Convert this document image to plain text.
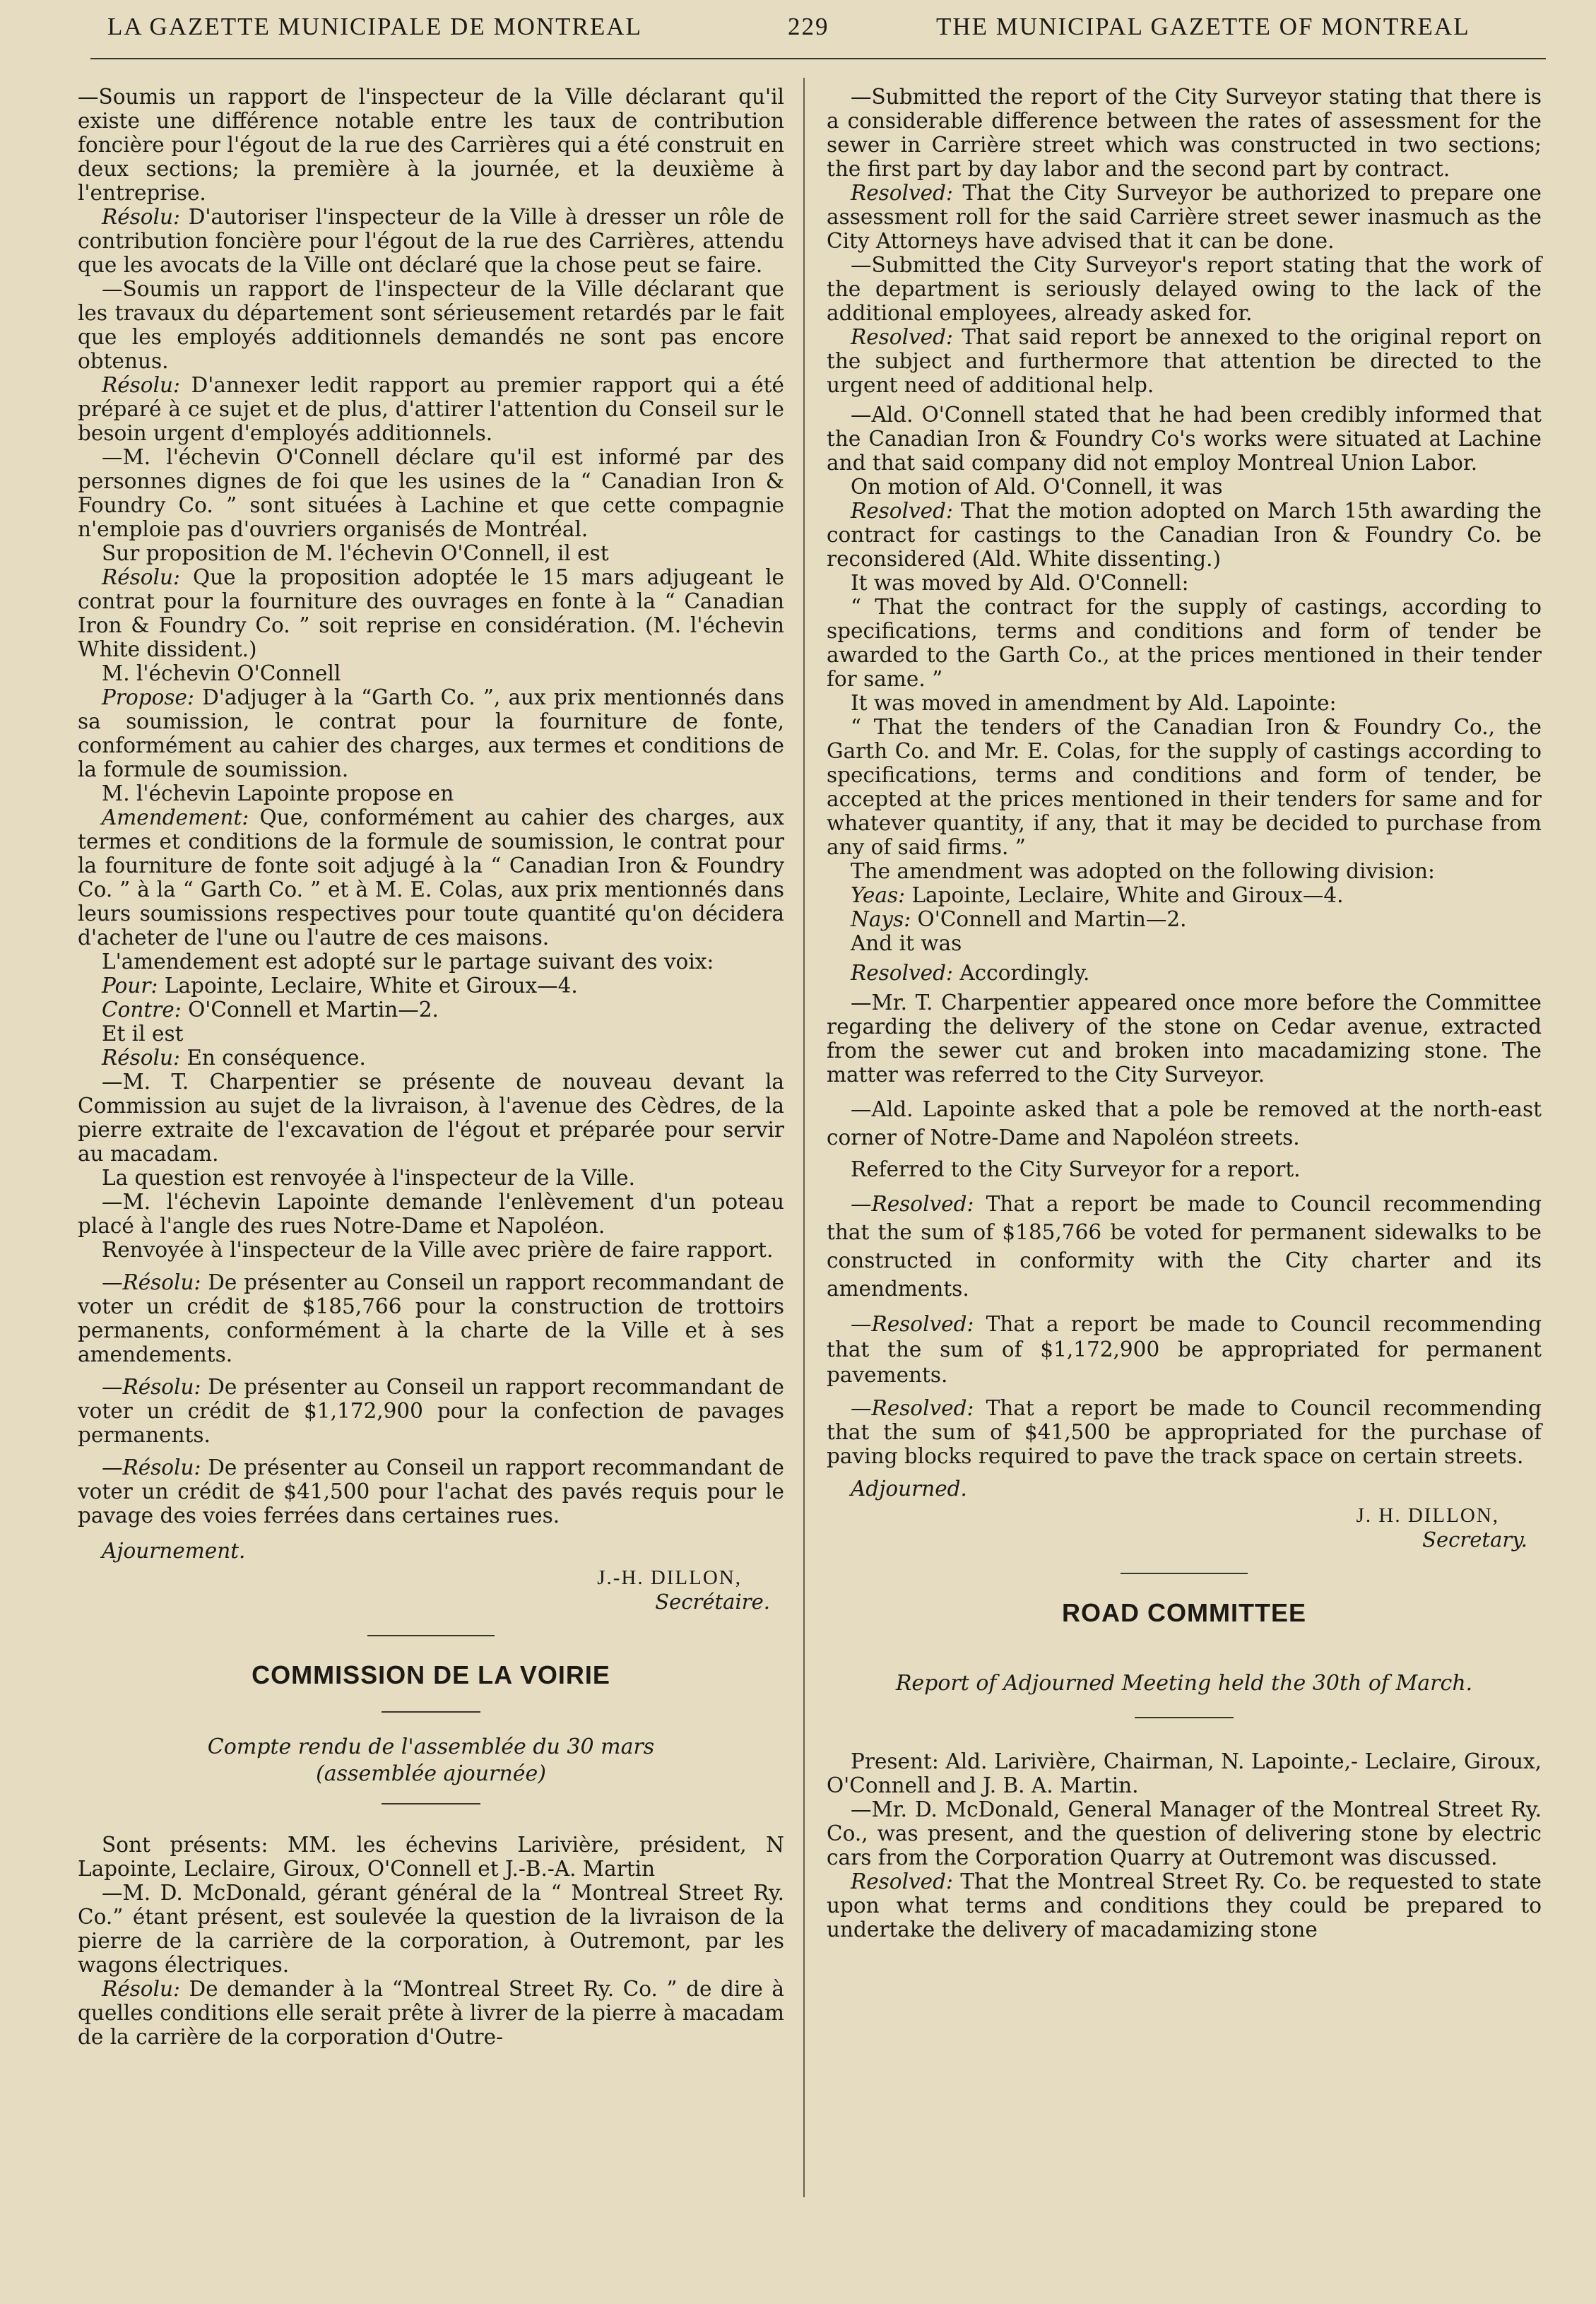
LA GAZETTE MUNICIPALE DE MONTREAL	229	THE MUNICIPAL GAZETTE OF MONTREAL

—Soumis un rapport de l'inspecteur de la Ville déclarant qu'il existe une différence notable entre les taux de contribution foncière pour l'égout de la rue des Carrières qui a été construit en deux sections; la première à la journée, et la deuxième à l'entreprise.

Résolu: D'autoriser l'inspecteur de la Ville à dresser un rôle de contribution foncière pour l'égout de la rue des Carrières, attendu que les avocats de la Ville ont déclaré que la chose peut se faire.

—Soumis un rapport de l'inspecteur de la Ville déclarant que les travaux du département sont sérieusement retardés par le fait que les employés additionnels demandés ne sont pas encore obtenus.

Résolu: D'annexer ledit rapport au premier rapport qui a été préparé à ce sujet et de plus, d'attirer l'attention du Conseil sur le besoin urgent d'employés additionnels.

—M. l'échevin O'Connell déclare qu'il est informé par des personnes dignes de foi que les usines de la “ Canadian Iron & Foundry Co. ” sont situées à Lachine et que cette compagnie n'emploie pas d'ouvriers organisés de Montréal.

Sur proposition de M. l'échevin O'Connell, il est

Résolu: Que la proposition adoptée le 15 mars adjugeant le contrat pour la fourniture des ouvrages en fonte à la “ Canadian Iron & Foundry Co. ” soit reprise en considération. (M. l'échevin White dissident.)

M. l'échevin O'Connell

Propose: D'adjuger à la “Garth Co. ”, aux prix mentionnés dans sa soumission, le contrat pour la fourniture de fonte, conformément au cahier des charges, aux termes et conditions de la formule de soumission.

M. l'échevin Lapointe propose en

Amendement: Que, conformément au cahier des charges, aux termes et conditions de la formule de soumission, le contrat pour la fourniture de fonte soit adjugé à la “ Canadian Iron & Foundry Co. ” à la “ Garth Co. ” et à M. E. Colas, aux prix mentionnés dans leurs soumissions respectives pour toute quantité qu'on décidera d'acheter de l'une ou l'autre de ces maisons.

L'amendement est adopté sur le partage suivant des voix:

Pour: Lapointe, Leclaire, White et Giroux—4.

Contre: O'Connell et Martin—2.

Et il est

Résolu: En conséquence.

—M. T. Charpentier se présente de nouveau devant la Commission au sujet de la livraison, à l'avenue des Cèdres, de la pierre extraite de l'excavation de l'égout et préparée pour servir au macadam.

La question est renvoyée à l'inspecteur de la Ville.

—M. l'échevin Lapointe demande l'enlèvement d'un poteau placé à l'angle des rues Notre-Dame et Napoléon.

Renvoyée à l'inspecteur de la Ville avec prière de faire rapport.

—Résolu: De présenter au Conseil un rapport recommandant de voter un crédit de $185,766 pour la construction de trottoirs permanents, conformément à la charte de la Ville et à ses amendements.

—Résolu: De présenter au Conseil un rapport recommandant de voter un crédit de $1,172,900 pour la confection de pavages permanents.

—Résolu: De présenter au Conseil un rapport recommandant de voter un crédit de $41,500 pour l'achat des pavés requis pour le pavage des voies ferrées dans certaines rues.

Ajournement.

J.-H. DILLON,
Secrétaire.
COMMISSION DE LA VOIRIE
Compte rendu de l'assemblée du 30 mars
(assemblée ajournée)

Sont présents: MM. les échevins Larivière, président, N Lapointe, Leclaire, Giroux, O'Connell et J.-B.-A. Martin

—M. D. McDonald, gérant général de la “ Montreal Street Ry. Co.” étant présent, est soulevée la question de la livraison de la pierre de la carrière de la corporation, à Outremont, par les wagons électriques.

Résolu: De demander à la “Montreal Street Ry. Co. ” de dire à quelles conditions elle serait prête à livrer de la pierre à macadam de la carrière de la corporation d'Outre-

—Submitted the report of the City Surveyor stating that there is a considerable difference between the rates of assessment for the sewer in Carrière street which was constructed in two sections; the first part by day labor and the second part by contract.

Resolved: That the City Surveyor be authorized to prepare one assessment roll for the said Carrière street sewer inasmuch as the City Attorneys have advised that it can be done.

—Submitted the City Surveyor's report stating that the work of the department is seriously delayed owing to the lack of the additional employees, already asked for.

Resolved: That said report be annexed to the original report on the subject and furthermore that attention be directed to the urgent need of additional help.

—Ald. O'Connell stated that he had been credibly informed that the Canadian Iron & Foundry Co's works were situated at Lachine and that said company did not employ Montreal Union Labor.

On motion of Ald. O'Connell, it was

Resolved: That the motion adopted on March 15th awarding the contract for castings to the Canadian Iron & Foundry Co. be reconsidered (Ald. White dissenting.)

It was moved by Ald. O'Connell:

“ That the contract for the supply of castings, according to specifications, terms and conditions and form of tender be awarded to the Garth Co., at the prices mentioned in their tender for same. ”

It was moved in amendment by Ald. Lapointe:

“ That the tenders of the Canadian Iron & Foundry Co., the Garth Co. and Mr. E. Colas, for the supply of castings according to specifications, terms and conditions and form of tender, be accepted at the prices mentioned in their tenders for same and for whatever quantity, if any, that it may be decided to purchase from any of said firms. ”

The amendment was adopted on the following division:

Yeas: Lapointe, Leclaire, White and Giroux—4.

Nays: O'Connell and Martin—2.

And it was

Resolved: Accordingly.

—Mr. T. Charpentier appeared once more before the Committee regarding the delivery of the stone on Cedar avenue, extracted from the sewer cut and broken into macadamizing stone. The matter was referred to the City Surveyor.

—Ald. Lapointe asked that a pole be removed at the north-east corner of Notre-Dame and Napoléon streets.

Referred to the City Surveyor for a report.

—Resolved: That a report be made to Council recommending that the sum of $185,766 be voted for permanent sidewalks to be constructed in conformity with the City charter and its amendments.

—Resolved: That a report be made to Council recommending that the sum of $1,172,900 be appropriated for permanent pavements.

—Resolved: That a report be made to Council recommending that the sum of $41,500 be appropriated for the purchase of paving blocks required to pave the track space on certain streets.

Adjourned.

J. H. DILLON,
Secretary.
ROAD COMMITTEE
Report of Adjourned Meeting held the 30th of March.

Present: Ald. Larivière, Chairman, N. Lapointe,- Leclaire, Giroux, O'Connell and J. B. A. Martin.

—Mr. D. McDonald, General Manager of the Montreal Street Ry. Co., was present, and the question of delivering stone by electric cars from the Corporation Quarry at Outremont was discussed.

Resolved: That the Montreal Street Ry. Co. be requested to state upon what terms and conditions they could be prepared to undertake the delivery of macadamizing stone
